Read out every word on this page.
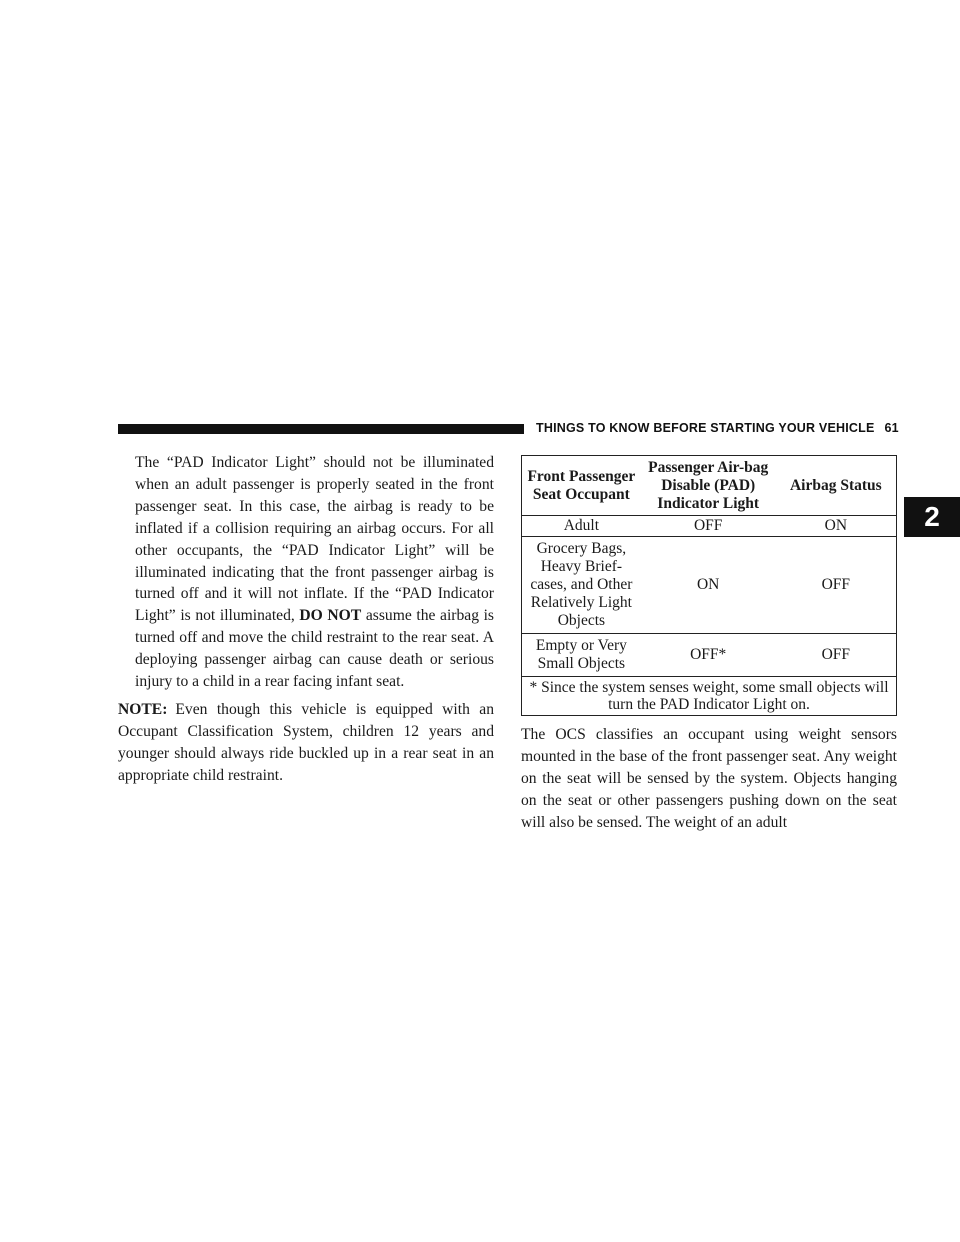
THINGS TO KNOW BEFORE STARTING YOUR VEHICLE 61
2

The “PAD Indicator Light” should not be illuminated when an adult passenger is properly seated in the front passenger seat. In this case, the airbag is ready to be inflated if a collision requiring an airbag occurs. For all other occupants, the “PAD Indicator Light” will be illuminated indicating that the front passenger airbag is turned off and it will not inflate. If the “PAD Indicator Light” is not illuminated, DO NOT assume the airbag is turned off and move the child restraint to the rear seat. A deploying passenger airbag can cause death or serious injury to a child in a rear facing infant seat.

NOTE: Even though this vehicle is equipped with an Occupant Classification System, children 12 years and younger should always ride buckled up in a rear seat in an appropriate child restraint.

Front Passenger Seat Occupant	Passenger Air-bag Disable (PAD) Indicator Light	Airbag Status
Adult	OFF	ON
Grocery Bags, Heavy Brief-cases, and Other Relatively Light Objects	ON	OFF
Empty or Very Small Objects	OFF*	OFF
* Since the system senses weight, some small objects will turn the PAD Indicator Light on.		

The OCS classifies an occupant using weight sensors mounted in the base of the front passenger seat. Any weight on the seat will be sensed by the system. Objects hanging on the seat or other passengers pushing down on the seat will also be sensed. The weight of an adult
